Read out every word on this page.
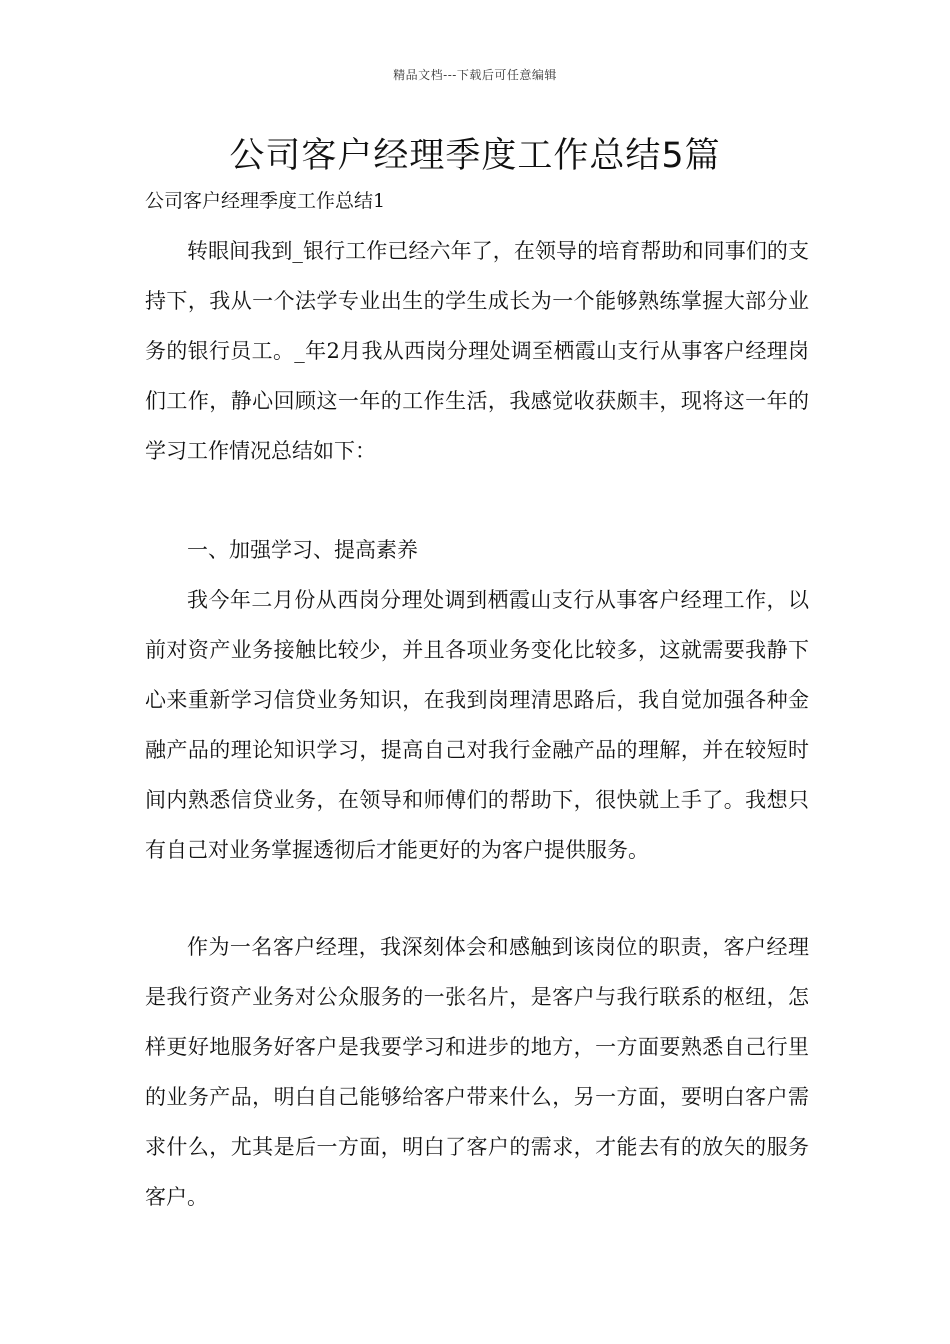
精品文档---下载后可任意编辑
公司客户经理季度工作总结5篇

公司客户经理季度工作总结1

转眼间我到_银行工作已经六年了，在领导的培育帮助和同事们的支持下，我从一个法学专业出生的学生成长为一个能够熟练掌握大部分业务的银行员工。_年2月我从西岗分理处调至栖霞山支行从事客户经理岗们工作，静心回顾这一年的工作生活，我感觉收获颇丰，现将这一年的学习工作情况总结如下：

一、加强学习、提高素养

我今年二月份从西岗分理处调到栖霞山支行从事客户经理工作，以前对资产业务接触比较少，并且各项业务变化比较多，这就需要我静下心来重新学习信贷业务知识，在我到岗理清思路后，我自觉加强各种金融产品的理论知识学习，提高自己对我行金融产品的理解，并在较短时间内熟悉信贷业务，在领导和师傅们的帮助下，很快就上手了。我想只有自己对业务掌握透彻后才能更好的为客户提供服务。

作为一名客户经理，我深刻体会和感触到该岗位的职责，客户经理是我行资产业务对公众服务的一张名片，是客户与我行联系的枢纽，怎样更好地服务好客户是我要学习和进步的地方，一方面要熟悉自己行里的业务产品，明白自己能够给客户带来什么，另一方面，要明白客户需求什么，尤其是后一方面，明白了客户的需求，才能去有的放矢的服务客户。
